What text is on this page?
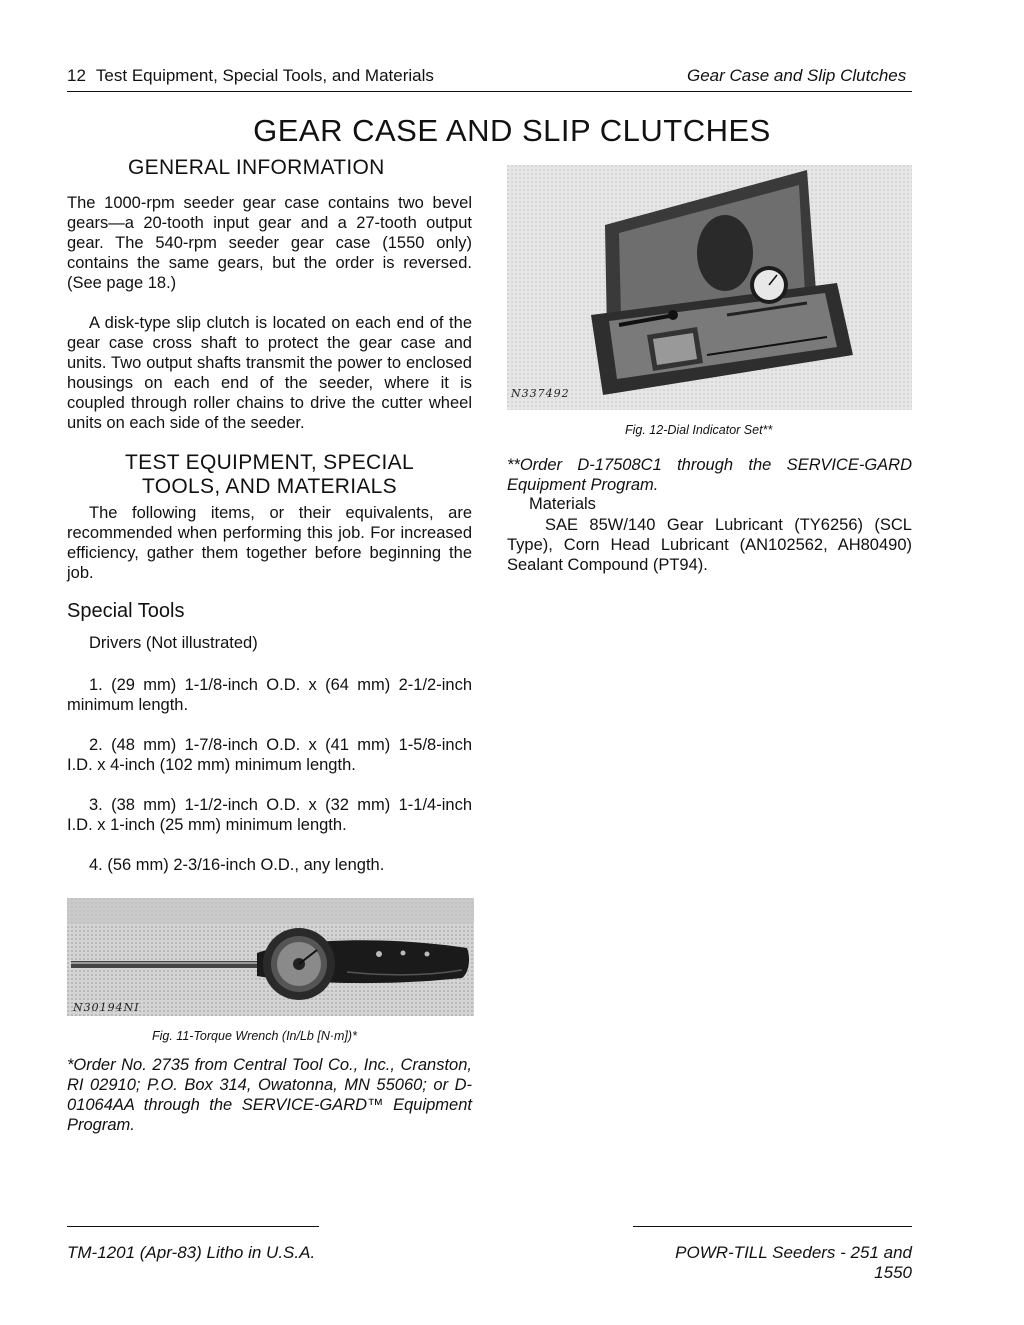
12 Test Equipment, Special Tools, and Materials	Gear Case and Slip Clutches
GEAR CASE AND SLIP CLUTCHES
GENERAL INFORMATION
The 1000-rpm seeder gear case contains two bevel gears—a 20-tooth input gear and a 27-tooth output gear. The 540-rpm seeder gear case (1550 only) contains the same gears, but the order is reversed. (See page 18.)
A disk-type slip clutch is located on each end of the gear case cross shaft to protect the gear case and units. Two output shafts transmit the power to enclosed housings on each end of the seeder, where it is coupled through roller chains to drive the cutter wheel units on each side of the seeder.
TEST EQUIPMENT, SPECIAL
TOOLS, AND MATERIALS
The following items, or their equivalents, are recommended when performing this job. For increased efficiency, gather them together before beginning the job.
Special Tools
Drivers (Not illustrated)
1. (29 mm) 1-1/8-inch O.D. x (64 mm) 2-1/2-inch minimum length.
2. (48 mm) 1-7/8-inch O.D. x (41 mm) 1-5/8-inch I.D. x 4-inch (102 mm) minimum length.
3. (38 mm) 1-1/2-inch O.D. x (32 mm) 1-1/4-inch I.D. x 1-inch (25 mm) minimum length.
4. (56 mm) 2-3/16-inch O.D., any length.
N30194NI
Fig. 11-Torque Wrench (In/Lb [N·m])*
*Order No. 2735 from Central Tool Co., Inc., Cranston, RI 02910; P.O. Box 314, Owatonna, MN 55060; or D-01064AA through the SERVICE-GARD™ Equipment Program.
N337492
Fig. 12-Dial Indicator Set**
**Order D-17508C1 through the SERVICE-GARD Equipment Program.
Materials
SAE 85W/140 Gear Lubricant (TY6256) (SCL Type), Corn Head Lubricant (AN102562, AH80490) Sealant Compound (PT94).
TM-1201 (Apr-83) Litho in U.S.A.	POWR-TILL Seeders - 251 and 1550
